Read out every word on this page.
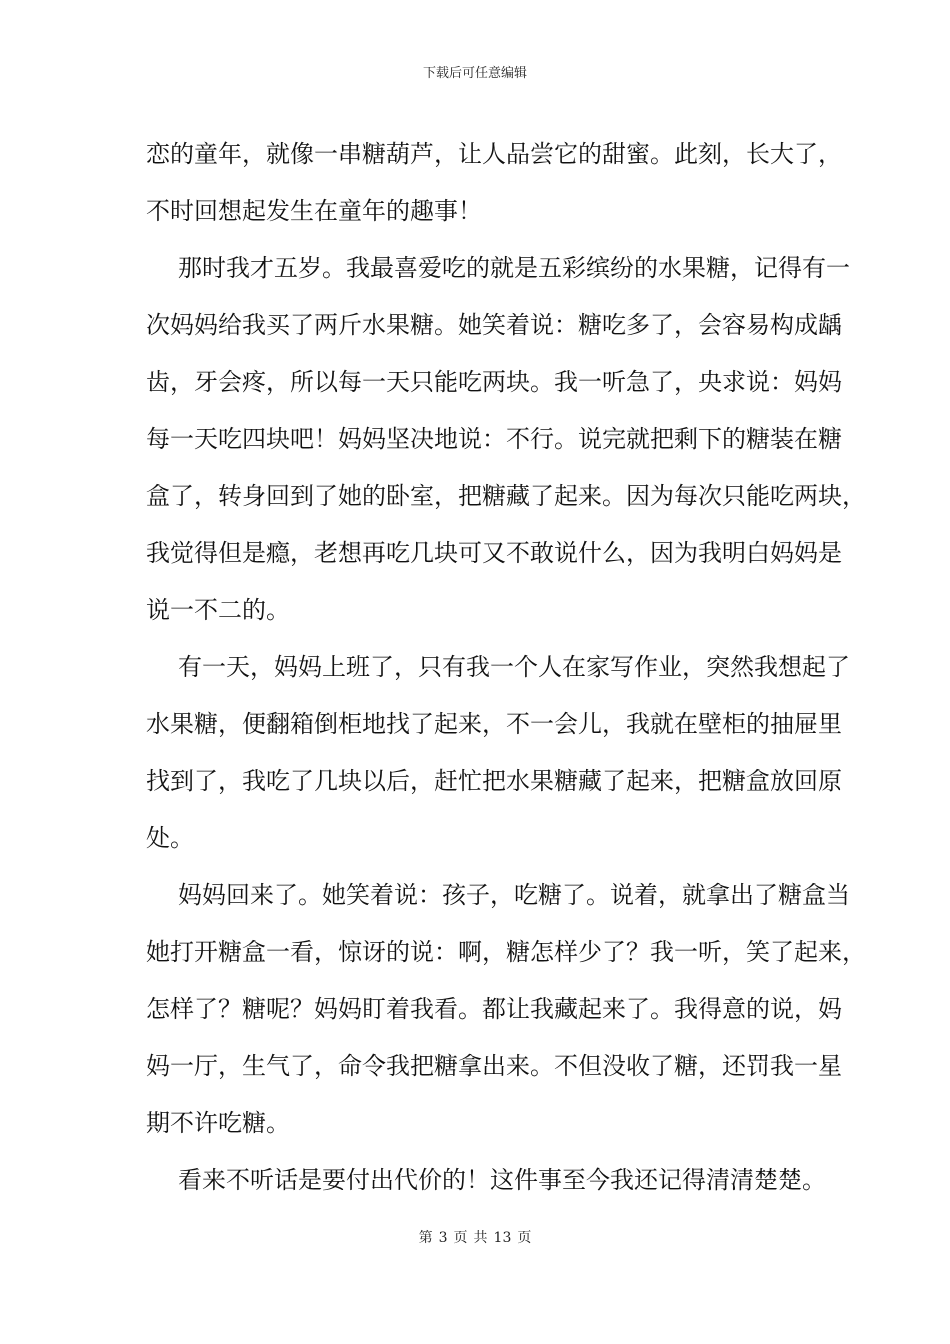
下载后可任意编辑
恋的童年，就像一串糖葫芦，让人品尝它的甜蜜。此刻，长大了，
不时回想起发生在童年的趣事！
那时我才五岁。我最喜爱吃的就是五彩缤纷的水果糖，记得有一
次妈妈给我买了两斤水果糖。她笑着说：糖吃多了，会容易构成龋
齿，牙会疼，所以每一天只能吃两块。我一听急了，央求说：妈妈
每一天吃四块吧！妈妈坚决地说：不行。说完就把剩下的糖装在糖
盒了，转身回到了她的卧室，把糖藏了起来。因为每次只能吃两块，
我觉得但是瘾，老想再吃几块可又不敢说什么，因为我明白妈妈是
说一不二的。
有一天，妈妈上班了，只有我一个人在家写作业，突然我想起了
水果糖，便翻箱倒柜地找了起来，不一会儿，我就在壁柜的抽屉里
找到了，我吃了几块以后，赶忙把水果糖藏了起来，把糖盒放回原
处。
妈妈回来了。她笑着说：孩子，吃糖了。说着，就拿出了糖盒当
她打开糖盒一看，惊讶的说：啊，糖怎样少了？我一听，笑了起来，
怎样了？糖呢？妈妈盯着我看。都让我藏起来了。我得意的说，妈
妈一厅，生气了，命令我把糖拿出来。不但没收了糖，还罚我一星
期不许吃糖。
看来不听话是要付出代价的！这件事至今我还记得清清楚楚。
第 3 页 共 13 页
